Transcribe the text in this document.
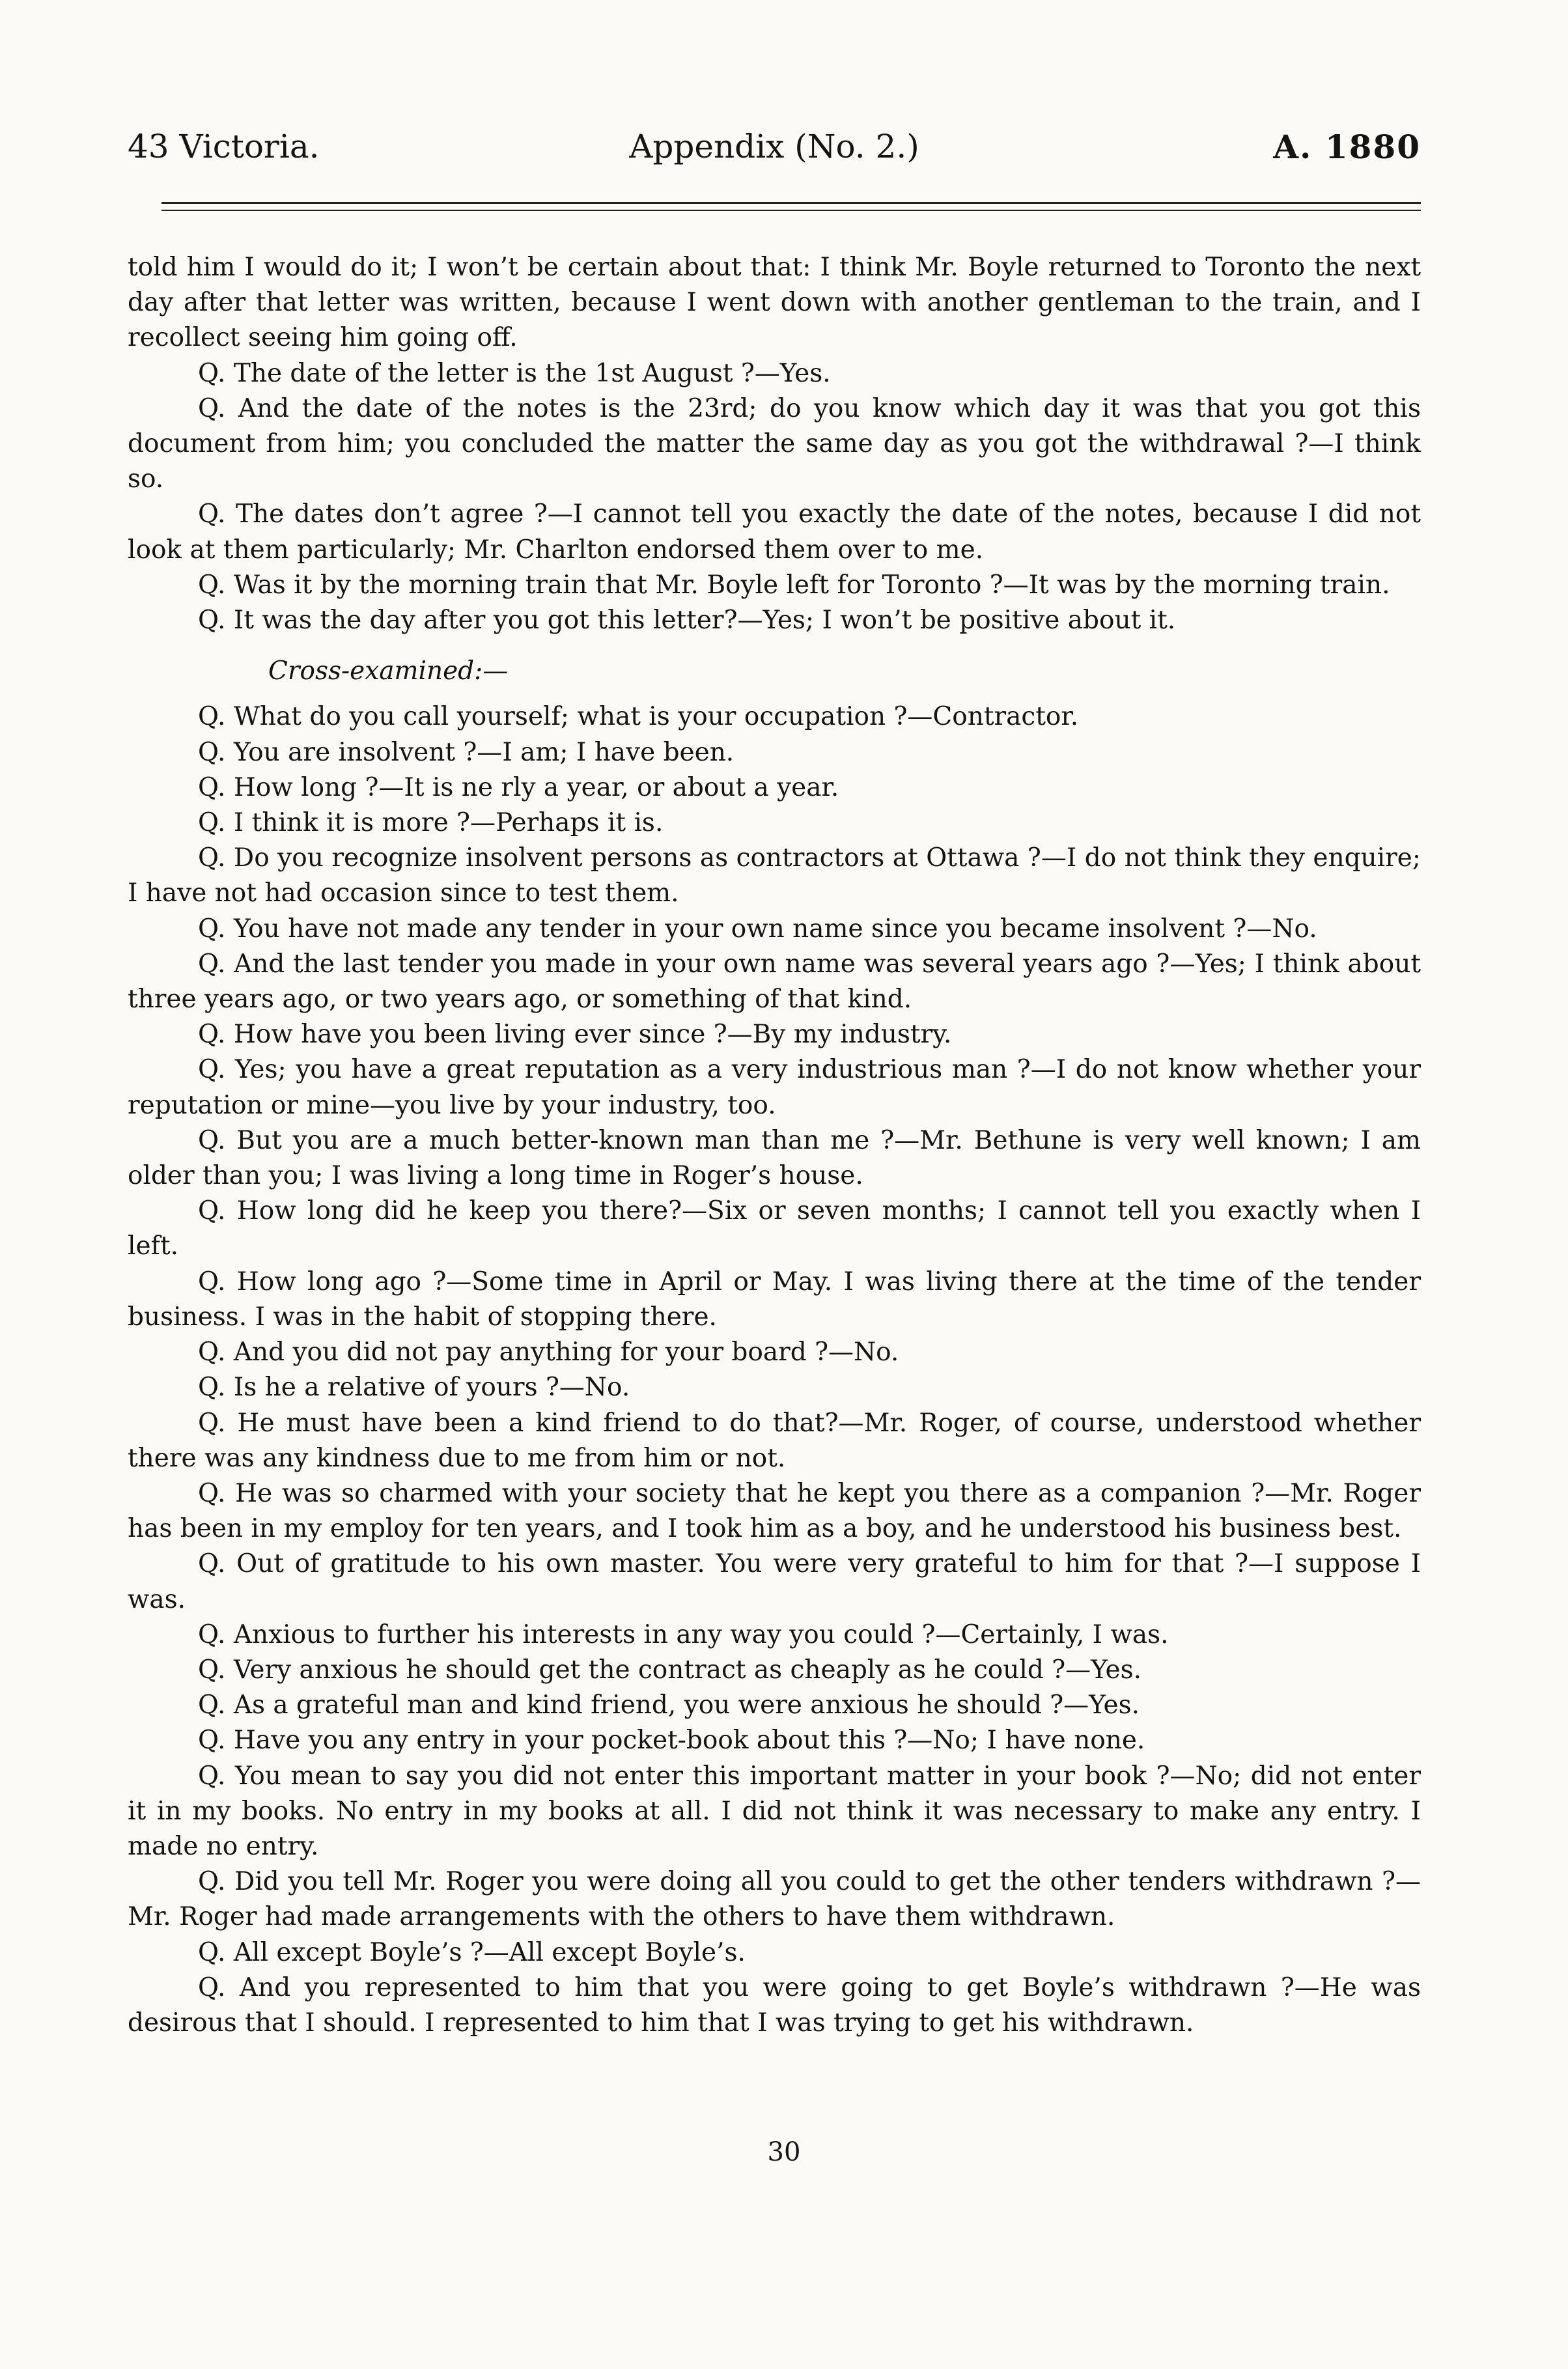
43 Victoria.	Appendix (No. 2.)	A. 1880

told him I would do it; I won’t be certain about that: I think Mr. Boyle returned to Toronto the next day after that letter was written, because I went down with another gentleman to the train, and I recollect seeing him going off.

Q. The date of the letter is the 1st August ?—Yes.

Q. And the date of the notes is the 23rd; do you know which day it was that you got this document from him; you concluded the matter the same day as you got the withdrawal ?—I think so.

Q. The dates don’t agree ?—I cannot tell you exactly the date of the notes, because I did not look at them particularly; Mr. Charlton endorsed them over to me.

Q. Was it by the morning train that Mr. Boyle left for Toronto ?—It was by the morning train.

Q. It was the day after you got this letter?—Yes; I won’t be positive about it.

Cross-examined:—

Q. What do you call yourself; what is your occupation ?—Contractor.

Q. You are insolvent ?—I am; I have been.

Q. How long ?—It is ne rly a year, or about a year.

Q. I think it is more ?—Perhaps it is.

Q. Do you recognize insolvent persons as contractors at Ottawa ?—I do not think they enquire; I have not had occasion since to test them.

Q. You have not made any tender in your own name since you became insolvent ?—No.

Q. And the last tender you made in your own name was several years ago ?—Yes; I think about three years ago, or two years ago, or something of that kind.

Q. How have you been living ever since ?—By my industry.

Q. Yes; you have a great reputation as a very industrious man ?—I do not know whether your reputation or mine—you live by your industry, too.

Q. But you are a much better-known man than me ?—Mr. Bethune is very well known; I am older than you; I was living a long time in Roger’s house.

Q. How long did he keep you there?—Six or seven months; I cannot tell you exactly when I left.

Q. How long ago ?—Some time in April or May. I was living there at the time of the tender business. I was in the habit of stopping there.

Q. And you did not pay anything for your board ?—No.

Q. Is he a relative of yours ?—No.

Q. He must have been a kind friend to do that?—Mr. Roger, of course, understood whether there was any kindness due to me from him or not.

Q. He was so charmed with your society that he kept you there as a companion ?—Mr. Roger has been in my employ for ten years, and I took him as a boy, and he understood his business best.

Q. Out of gratitude to his own master. You were very grateful to him for that ?—I suppose I was.

Q. Anxious to further his interests in any way you could ?—Certainly, I was.

Q. Very anxious he should get the contract as cheaply as he could ?—Yes.

Q. As a grateful man and kind friend, you were anxious he should ?—Yes.

Q. Have you any entry in your pocket-book about this ?—No; I have none.

Q. You mean to say you did not enter this important matter in your book ?—No; did not enter it in my books. No entry in my books at all. I did not think it was necessary to make any entry. I made no entry.

Q. Did you tell Mr. Roger you were doing all you could to get the other tenders withdrawn ?—Mr. Roger had made arrangements with the others to have them withdrawn.

Q. All except Boyle’s ?—All except Boyle’s.

Q. And you represented to him that you were going to get Boyle’s withdrawn ?—He was desirous that I should. I represented to him that I was trying to get his withdrawn.

30
